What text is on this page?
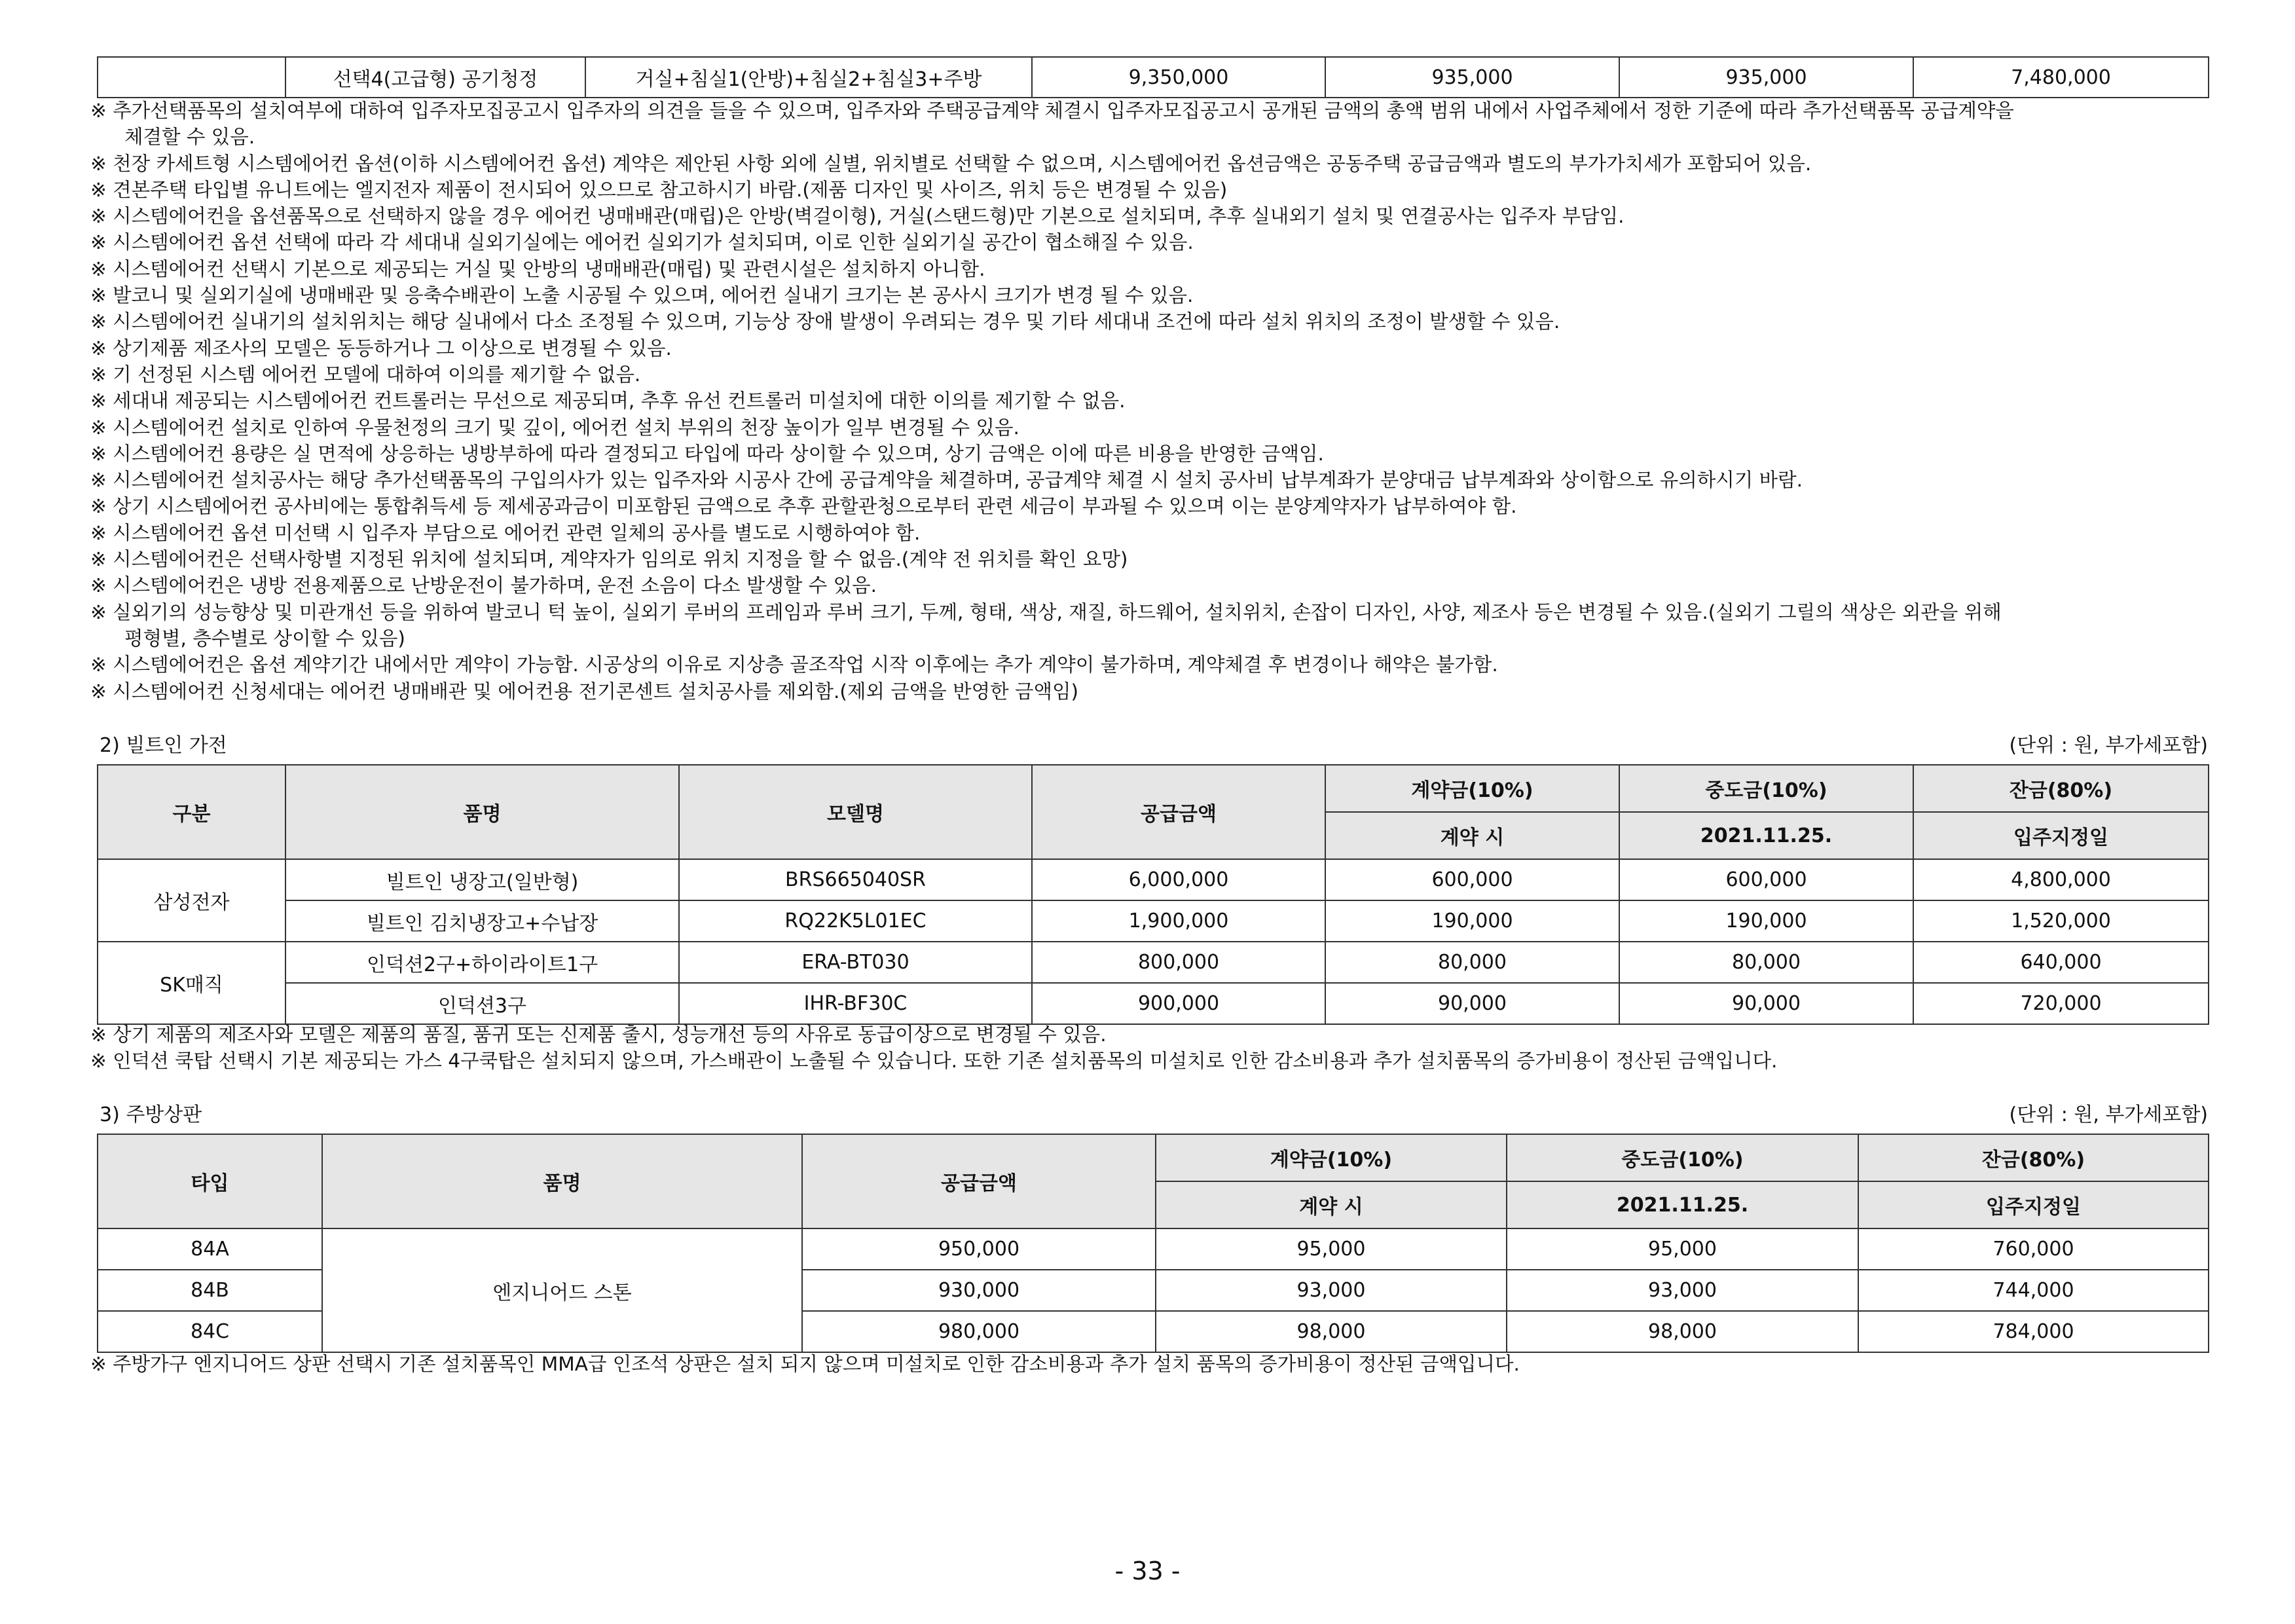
	선택4(고급형) 공기청정	거실+침실1(안방)+침실2+침실3+주방	9,350,000	935,000	935,000	7,480,000
※ 추가선택품목의 설치여부에 대하여 입주자모집공고시 입주자의 의견을 들을 수 있으며, 입주자와 주택공급계약 체결시 입주자모집공고시 공개된 금액의 총액 범위 내에서 사업주체에서 정한 기준에 따라 추가선택품목 공급계약을
체결할 수 있음.
※ 천장 카세트형 시스템에어컨 옵션(이하 시스템에어컨 옵션) 계약은 제안된 사항 외에 실별, 위치별로 선택할 수 없으며, 시스템에어컨 옵션금액은 공동주택 공급금액과 별도의 부가가치세가 포함되어 있음.
※ 견본주택 타입별 유니트에는 엘지전자 제품이 전시되어 있으므로 참고하시기 바람.(제품 디자인 및 사이즈, 위치 등은 변경될 수 있음)
※ 시스템에어컨을 옵션품목으로 선택하지 않을 경우 에어컨 냉매배관(매립)은 안방(벽걸이형), 거실(스탠드형)만 기본으로 설치되며, 추후 실내외기 설치 및 연결공사는 입주자 부담임.
※ 시스템에어컨 옵션 선택에 따라 각 세대내 실외기실에는 에어컨 실외기가 설치되며, 이로 인한 실외기실 공간이 협소해질 수 있음.
※ 시스템에어컨 선택시 기본으로 제공되는 거실 및 안방의 냉매배관(매립) 및 관련시설은 설치하지 아니함.
※ 발코니 및 실외기실에 냉매배관 및 응축수배관이 노출 시공될 수 있으며, 에어컨 실내기 크기는 본 공사시 크기가 변경 될 수 있음.
※ 시스템에어컨 실내기의 설치위치는 해당 실내에서 다소 조정될 수 있으며, 기능상 장애 발생이 우려되는 경우 및 기타 세대내 조건에 따라 설치 위치의 조정이 발생할 수 있음.
※ 상기제품 제조사의 모델은 동등하거나 그 이상으로 변경될 수 있음.
※ 기 선정된 시스템 에어컨 모델에 대하여 이의를 제기할 수 없음.
※ 세대내 제공되는 시스템에어컨 컨트롤러는 무선으로 제공되며, 추후 유선 컨트롤러 미설치에 대한 이의를 제기할 수 없음.
※ 시스템에어컨 설치로 인하여 우물천정의 크기 및 깊이, 에어컨 설치 부위의 천장 높이가 일부 변경될 수 있음.
※ 시스템에어컨 용량은 실 면적에 상응하는 냉방부하에 따라 결정되고 타입에 따라 상이할 수 있으며, 상기 금액은 이에 따른 비용을 반영한 금액임.
※ 시스템에어컨 설치공사는 해당 추가선택품목의 구입의사가 있는 입주자와 시공사 간에 공급계약을 체결하며, 공급계약 체결 시 설치 공사비 납부계좌가 분양대금 납부계좌와 상이함으로 유의하시기 바람.
※ 상기 시스템에어컨 공사비에는 통합취득세 등 제세공과금이 미포함된 금액으로 추후 관할관청으로부터 관련 세금이 부과될 수 있으며 이는 분양계약자가 납부하여야 함.
※ 시스템에어컨 옵션 미선택 시 입주자 부담으로 에어컨 관련 일체의 공사를 별도로 시행하여야 함.
※ 시스템에어컨은 선택사항별 지정된 위치에 설치되며, 계약자가 임의로 위치 지정을 할 수 없음.(계약 전 위치를 확인 요망)
※ 시스템에어컨은 냉방 전용제품으로 난방운전이 불가하며, 운전 소음이 다소 발생할 수 있음.
※ 실외기의 성능향상 및 미관개선 등을 위하여 발코니 턱 높이, 실외기 루버의 프레임과 루버 크기, 두께, 형태, 색상, 재질, 하드웨어, 설치위치, 손잡이 디자인, 사양, 제조사 등은 변경될 수 있음.(실외기 그릴의 색상은 외관을 위해
평형별, 층수별로 상이할 수 있음)
※ 시스템에어컨은 옵션 계약기간 내에서만 계약이 가능함. 시공상의 이유로 지상층 골조작업 시작 이후에는 추가 계약이 불가하며, 계약체결 후 변경이나 해약은 불가함.
※ 시스템에어컨 신청세대는 에어컨 냉매배관 및 에어컨용 전기콘센트 설치공사를 제외함.(제외 금액을 반영한 금액임)
2) 빌트인 가전	(단위 : 원, 부가세포함)
구분	품명	모델명	공급금액	계약금(10%)	중도금(10%)	잔금(80%)
				계약 시	2021.11.25.	입주지정일
삼성전자	빌트인 냉장고(일반형)	BRS665040SR	6,000,000	600,000	600,000	4,800,000
	빌트인 김치냉장고+수납장	RQ22K5L01EC	1,900,000	190,000	190,000	1,520,000
SK매직	인덕션2구+하이라이트1구	ERA-BT030	800,000	80,000	80,000	640,000
	인덕션3구	IHR-BF30C	900,000	90,000	90,000	720,000
※ 상기 제품의 제조사와 모델은 제품의 품질, 품귀 또는 신제품 출시, 성능개선 등의 사유로 동급이상으로 변경될 수 있음.
※ 인덕션 쿡탑 선택시 기본 제공되는 가스 4구쿡탑은 설치되지 않으며, 가스배관이 노출될 수 있습니다. 또한 기존 설치품목의 미설치로 인한 감소비용과 추가 설치품목의 증가비용이 정산된 금액입니다.
3) 주방상판	(단위 : 원, 부가세포함)
타입	품명	공급금액	계약금(10%)	중도금(10%)	잔금(80%)
			계약 시	2021.11.25.	입주지정일
84A	엔지니어드 스톤	950,000	95,000	95,000	760,000
84B		930,000	93,000	93,000	744,000
84C		980,000	98,000	98,000	784,000
※ 주방가구 엔지니어드 상판 선택시 기존 설치품목인 MMA급 인조석 상판은 설치 되지 않으며 미설치로 인한 감소비용과 추가 설치 품목의 증가비용이 정산된 금액입니다.
- 33 -
